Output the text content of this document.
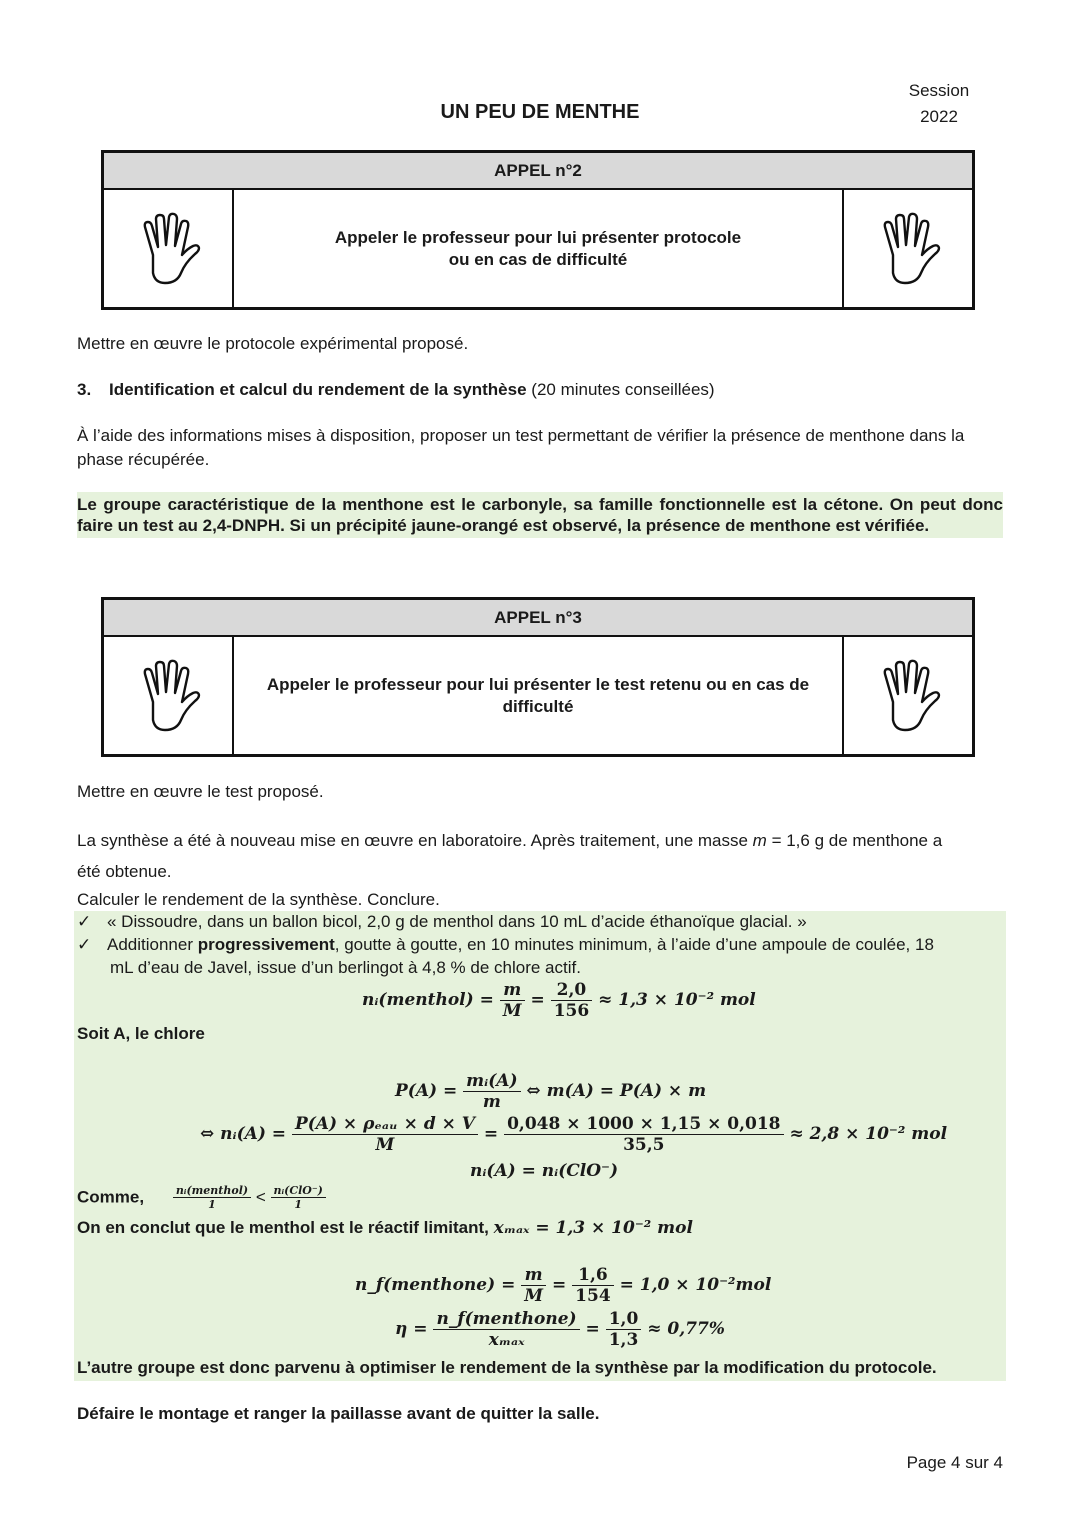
Session
2022
UN PEU DE MENTHE
APPEL n°2
Appeler le professeur pour lui présenter protocole
ou en cas de difficulté
Mettre en œuvre le protocole expérimental proposé.
3. Identification et calcul du rendement de la synthèse (20 minutes conseillées)
À l’aide des informations mises à disposition, proposer un test permettant de vérifier la présence de menthone dans la phase récupérée.
Le groupe caractéristique de la menthone est le carbonyle, sa famille fonctionnelle est la cétone. On peut donc faire un test au 2,4-DNPH. Si un précipité jaune-orangé est observé, la présence de menthone est vérifiée.
APPEL n°3
Appeler le professeur pour lui présenter le test retenu ou en cas de
difficulté
Mettre en œuvre le test proposé.
La synthèse a été à nouveau mise en œuvre en laboratoire. Après traitement, une masse m = 1,6 g de menthone a
été obtenue.
Calculer le rendement de la synthèse. Conclure.
✓ « Dissoudre, dans un ballon bicol, 2,0 g de menthol dans 10 mL d’acide éthanoïque glacial. »
✓ Additionner progressivement, goutte à goutte, en 10 minutes minimum, à l’aide d’une ampoule de coulée, 18
mL d’eau de Javel, issue d’un berlingot à 4,8 % de chlore actif.
nᵢ(menthol) = $\frac{m}{M} = \frac{2,0}{156} \approx 1,3 \times 10^{-2}$ mol
Soit A, le chlore
$P(A) = \frac{\text{mᵢ(A)}}{m}$ ⇔ m(A) = P(A) × m
⇔ nᵢ(A) = $\frac{\text{P(A) × ρₑₐᵤ × d × V}}{M} = \frac{0,048 \times 1000 \times 1,15 \times 0,018}{35,5} \approx 2,8 \times 10^{-2}$ mol
nᵢ(A) = nᵢ(ClO⁻)
Comme,	$\frac{\text{nᵢ(menthol)}}{1} < \frac{\text{nᵢ(ClO⁻)}}{1}$
On en conclut que le menthol est le réactif limitant, xₘₐₓ = 1,3 × 10⁻² mol
n_f(menthone) = $\frac{m}{M} = \frac{1,6}{154} = 1,0 \times 10^{-2}mol$
$\eta = \frac{\text{n\_f(menthone)}}{\text{xₘₐₓ}} = \frac{1,0}{1,3} \approx 0,77\%$
L’autre groupe est donc parvenu à optimiser le rendement de la synthèse par la modification du protocole.
Défaire le montage et ranger la paillasse avant de quitter la salle.
Page 4 sur 4
